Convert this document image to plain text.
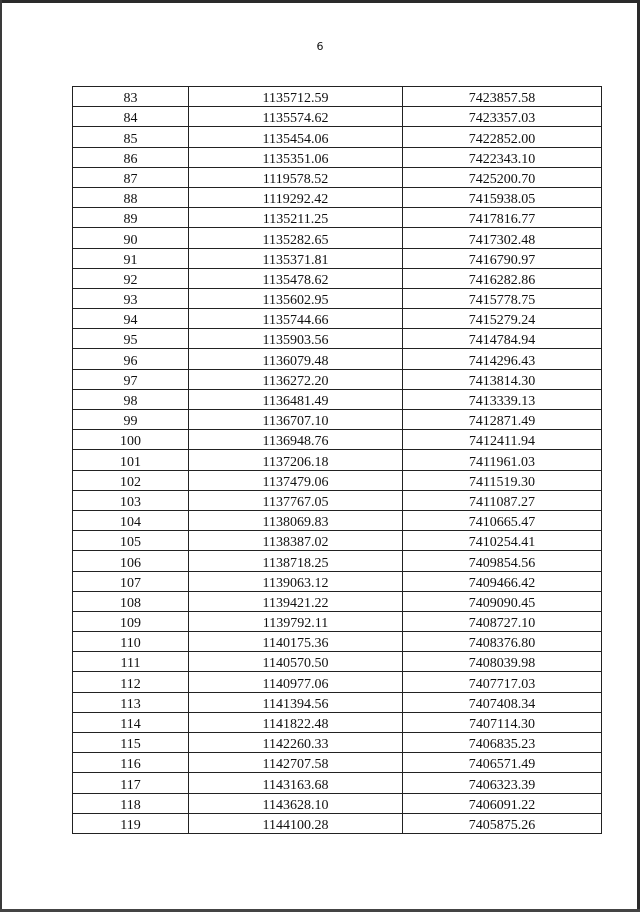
6
83	1135712.59	7423857.58
84	1135574.62	7423357.03
85	1135454.06	7422852.00
86	1135351.06	7422343.10
87	1119578.52	7425200.70
88	1119292.42	7415938.05
89	1135211.25	7417816.77
90	1135282.65	7417302.48
91	1135371.81	7416790.97
92	1135478.62	7416282.86
93	1135602.95	7415778.75
94	1135744.66	7415279.24
95	1135903.56	7414784.94
96	1136079.48	7414296.43
97	1136272.20	7413814.30
98	1136481.49	7413339.13
99	1136707.10	7412871.49
100	1136948.76	7412411.94
101	1137206.18	7411961.03
102	1137479.06	7411519.30
103	1137767.05	7411087.27
104	1138069.83	7410665.47
105	1138387.02	7410254.41
106	1138718.25	7409854.56
107	1139063.12	7409466.42
108	1139421.22	7409090.45
109	1139792.11	7408727.10
110	1140175.36	7408376.80
111	1140570.50	7408039.98
112	1140977.06	7407717.03
113	1141394.56	7407408.34
114	1141822.48	7407114.30
115	1142260.33	7406835.23
116	1142707.58	7406571.49
117	1143163.68	7406323.39
118	1143628.10	7406091.22
119	1144100.28	7405875.26
